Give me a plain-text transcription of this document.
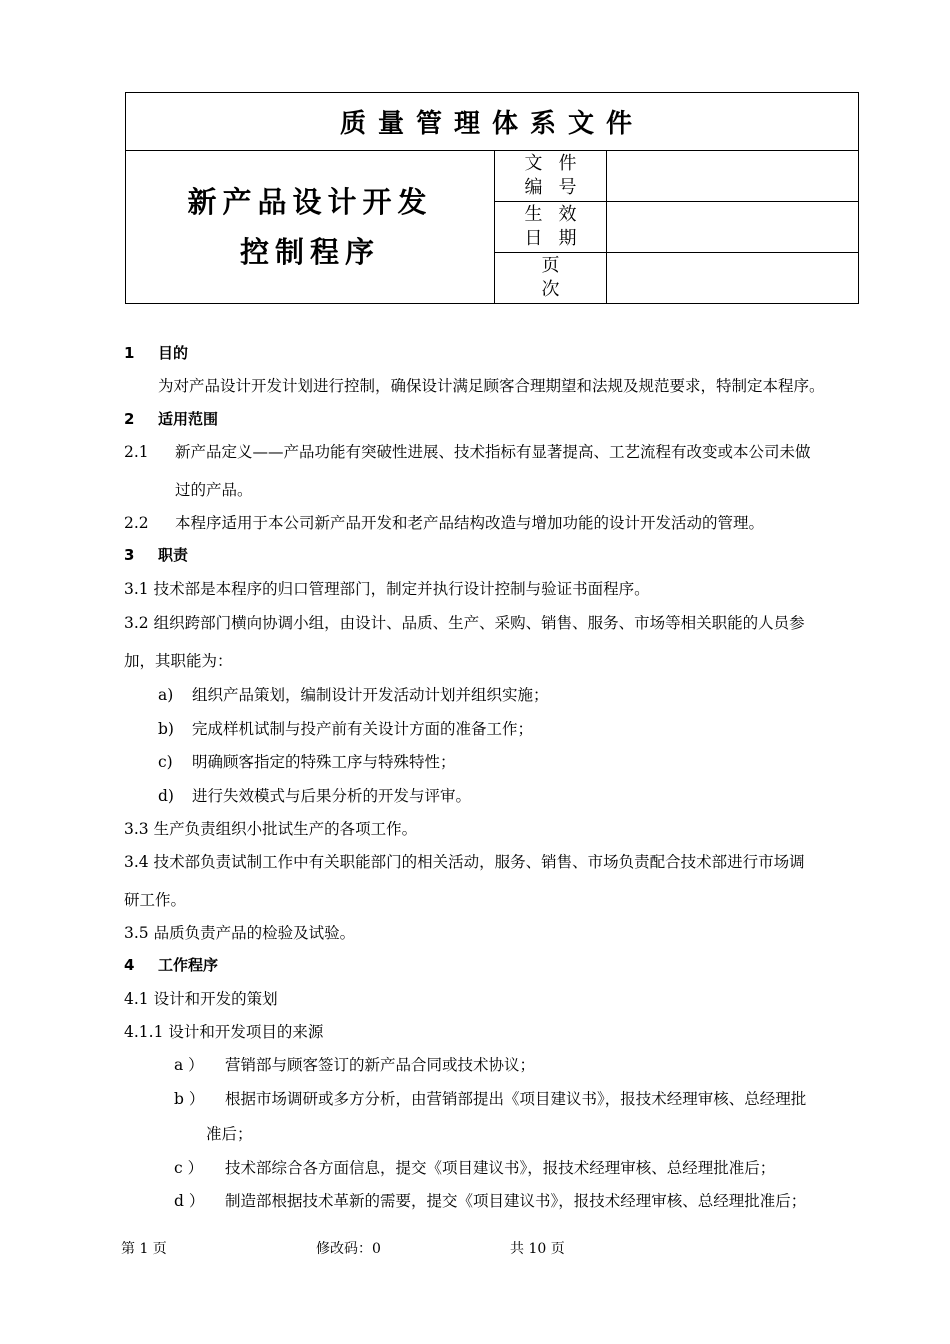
质量管理体系文件
新产品设计开发
控制程序
文件
编号
生效
日期
页
次
1 目的
为对产品设计开发计划进行控制，确保设计满足顾客合理期望和法规及规范要求，特制定本程序。
2 适用范围
2.1 新产品定义——产品功能有突破性进展、技术指标有显著提高、工艺流程有改变或本公司未做
过的产品。
2.2 本程序适用于本公司新产品开发和老产品结构改造与增加功能的设计开发活动的管理。
3 职责
3.1 技术部是本程序的归口管理部门，制定并执行设计控制与验证书面程序。
3.2 组织跨部门横向协调小组，由设计、品质、生产、采购、销售、服务、市场等相关职能的人员参
加，其职能为：
a) 组织产品策划，编制设计开发活动计划并组织实施；
b) 完成样机试制与投产前有关设计方面的准备工作；
c) 明确顾客指定的特殊工序与特殊特性；
d) 进行失效模式与后果分析的开发与评审。
3.3 生产负责组织小批试生产的各项工作。
3.4 技术部负责试制工作中有关职能部门的相关活动，服务、销售、市场负责配合技术部进行市场调
研工作。
3.5 品质负责产品的检验及试验。
4 工作程序
4.1 设计和开发的策划
4.1.1 设计和开发项目的来源
a ） 营销部与顾客签订的新产品合同或技术协议；
b ） 根据市场调研或多方分析，由营销部提出《项目建议书》，报技术经理审核、总经理批
准后；
c ） 技术部综合各方面信息，提交《项目建议书》，报技术经理审核、总经理批准后；
d ） 制造部根据技术革新的需要，提交《项目建议书》，报技术经理审核、总经理批准后；
第 1 页	修改码：0	共 10 页
